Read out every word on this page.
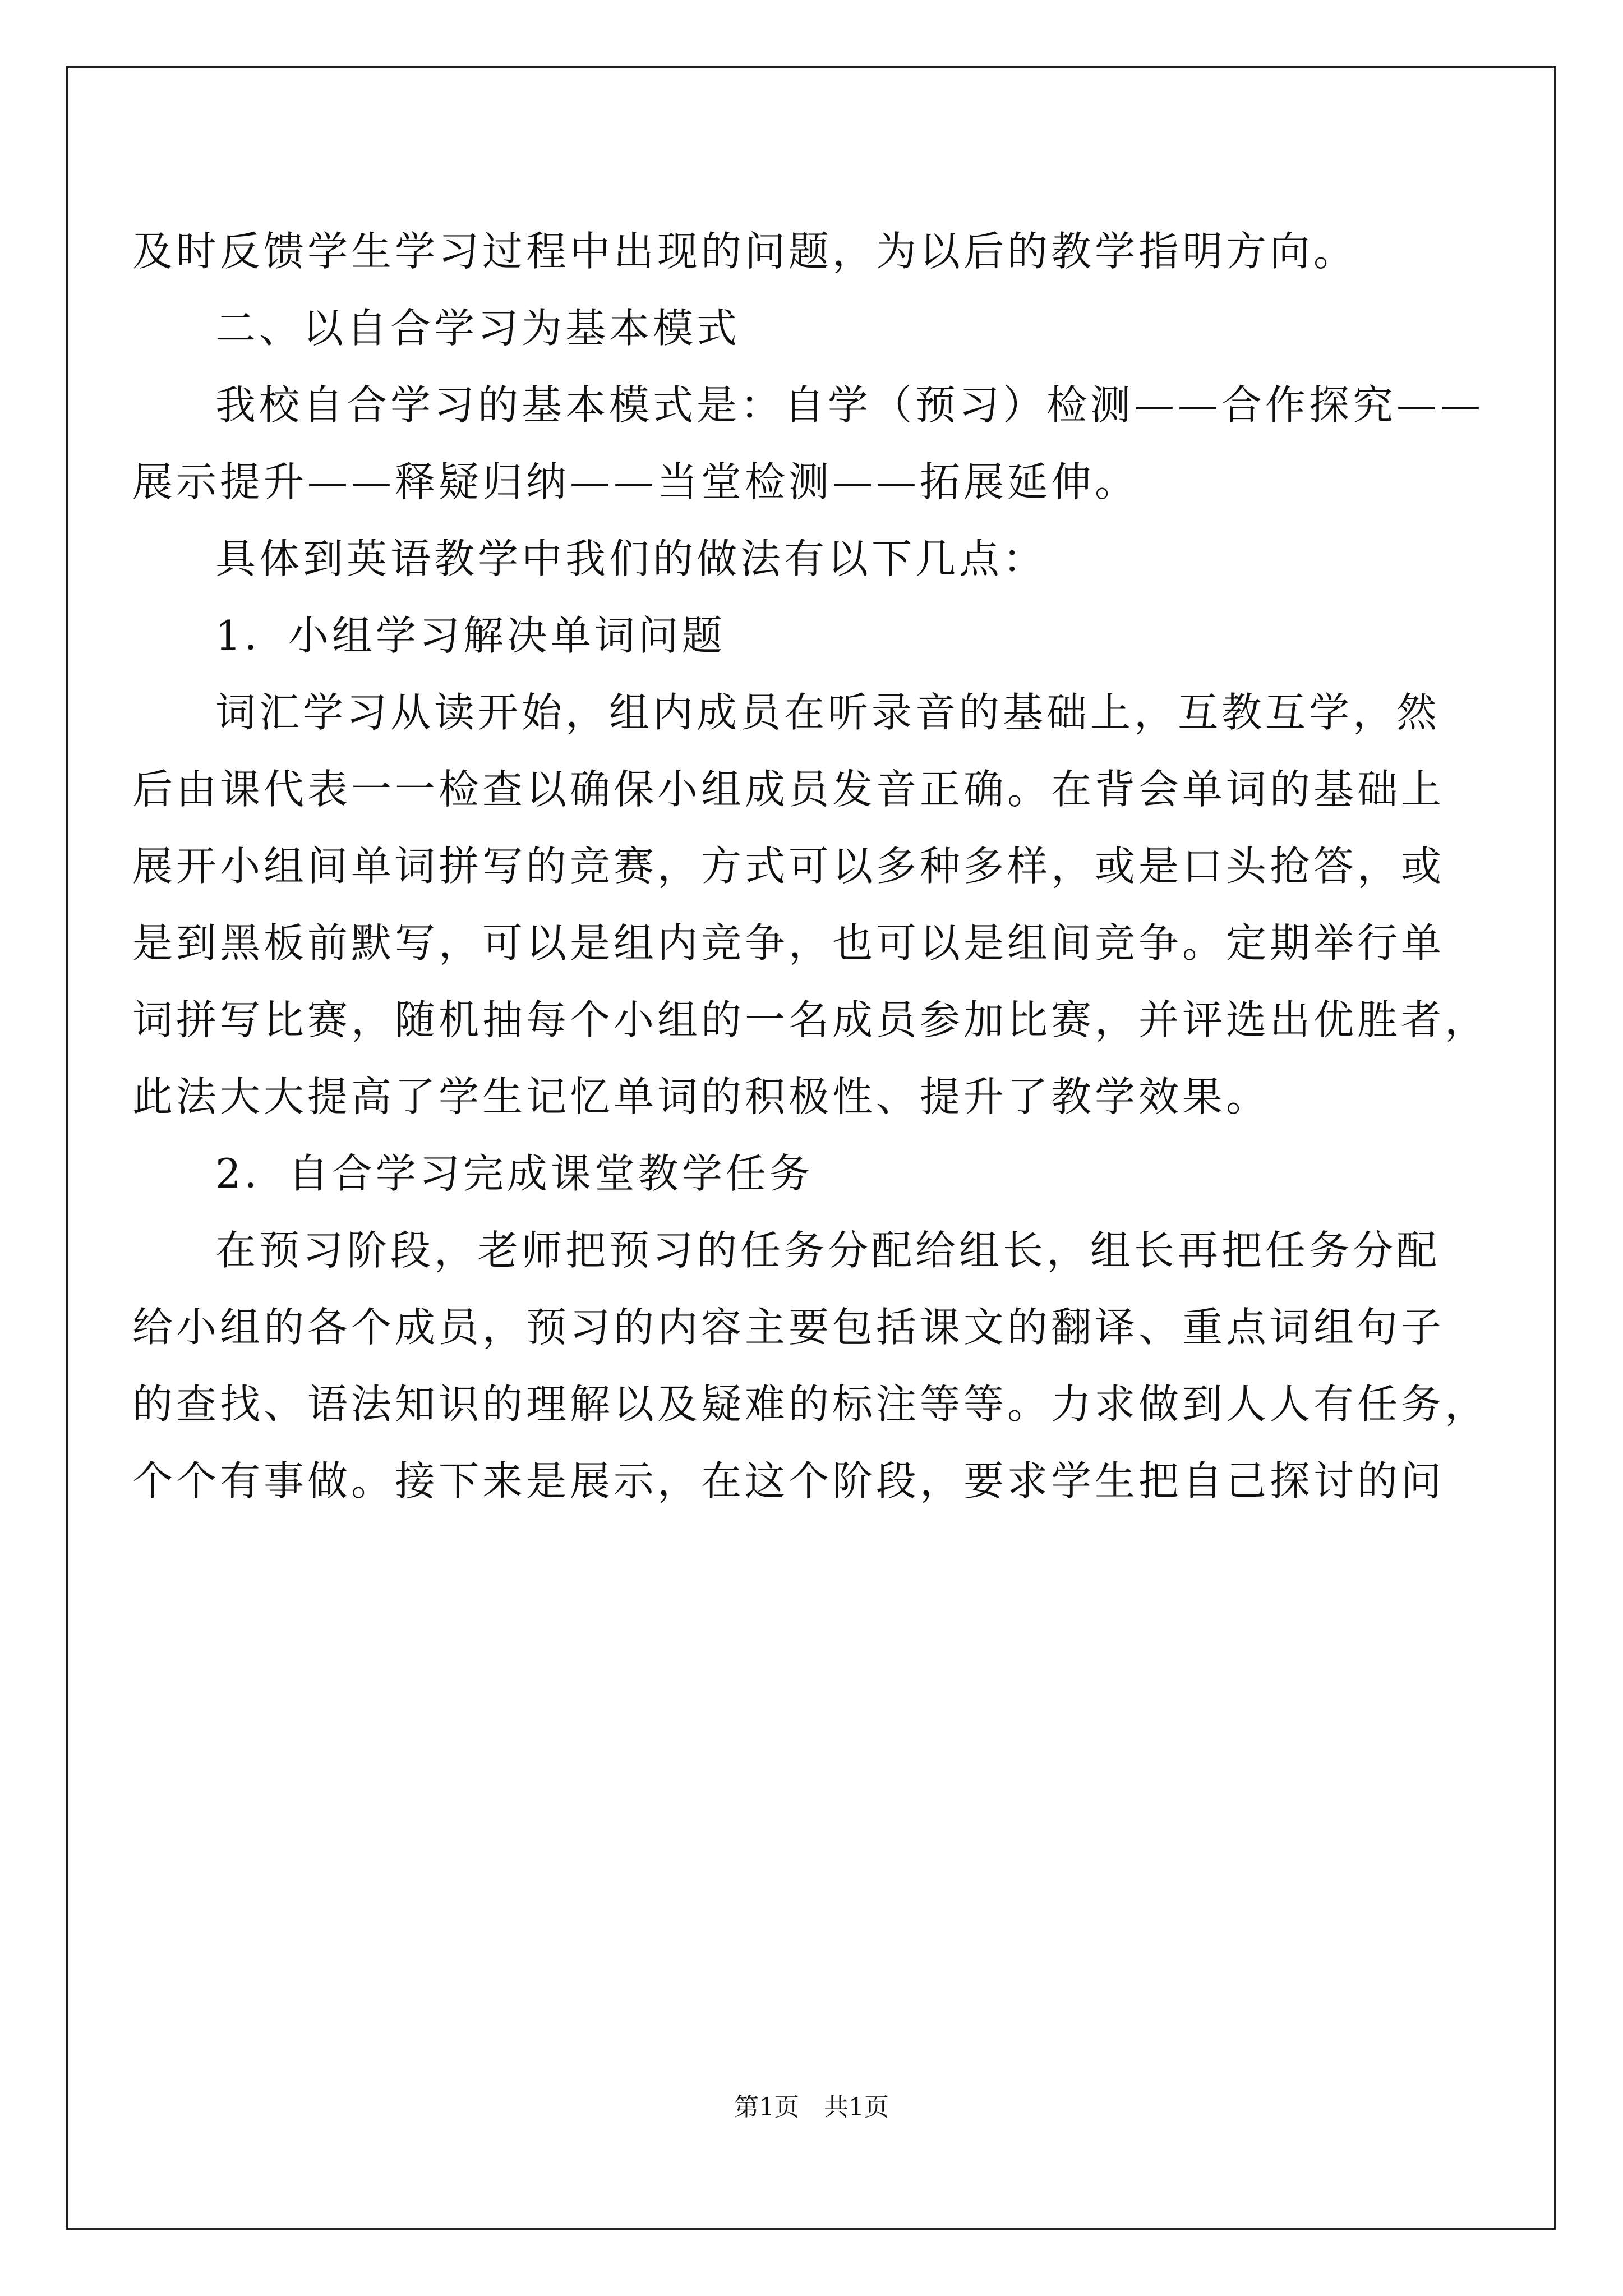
及时反馈学生学习过程中出现的问题，为以后的教学指明方向。

二、以自合学习为基本模式

我校自合学习的基本模式是：自学（预习）检测——合作探究——

展示提升——释疑归纳——当堂检测——拓展延伸。

具体到英语教学中我们的做法有以下几点：

1．小组学习解决单词问题

词汇学习从读开始，组内成员在听录音的基础上，互教互学，然

后由课代表一一检查以确保小组成员发音正确。在背会单词的基础上

展开小组间单词拼写的竞赛，方式可以多种多样，或是口头抢答，或

是到黑板前默写，可以是组内竞争，也可以是组间竞争。定期举行单

词拼写比赛，随机抽每个小组的一名成员参加比赛，并评选出优胜者，

此法大大提高了学生记忆单词的积极性、提升了教学效果。

2．自合学习完成课堂教学任务

在预习阶段，老师把预习的任务分配给组长，组长再把任务分配

给小组的各个成员，预习的内容主要包括课文的翻译、重点词组句子

的查找、语法知识的理解以及疑难的标注等等。力求做到人人有任务，

个个有事做。接下来是展示，在这个阶段，要求学生把自己探讨的问

第1页　共1页
